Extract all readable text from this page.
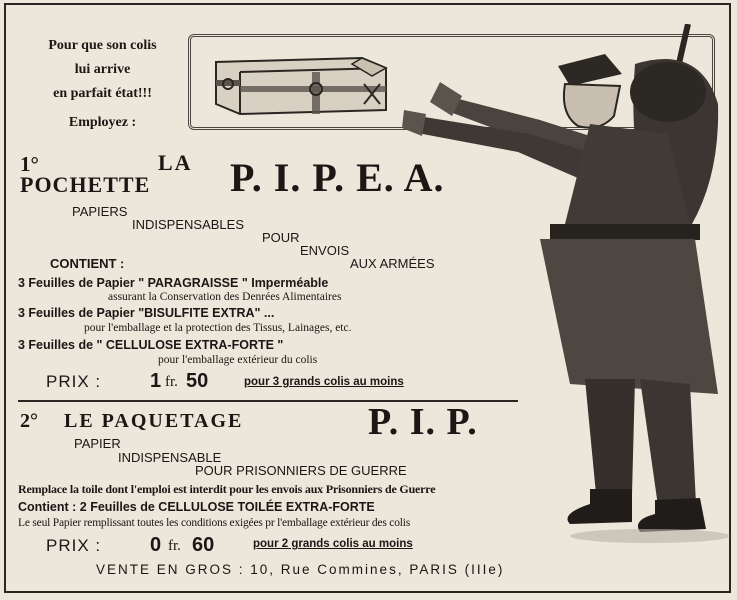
Pour que son colis
lui arrive
en parfait état!!!
Employez :
1°	LA
POCHETTE P. I. P. E. A.
PAPIERS
INDISPENSABLES
POUR
ENVOIS
AUX ARMÉES
CONTIENT :
3 Feuilles de Papier " PARAGRAISSE " Imperméable
assurant la Conservation des Denrées Alimentaires
3 Feuilles de Papier "BISULFITE EXTRA" ...
pour l'emballage et la protection des Tissus, Lainages, etc.
3 Feuilles de " CELLULOSE EXTRA-FORTE "
pour l'emballage extérieur du colis
PRIX : 1 fr. 50	pour 3 grands colis au moins
2° LE PAQUETAGE	P. I. P.
PAPIER
INDISPENSABLE
POUR PRISONNIERS DE GUERRE
Remplace la toile dont l'emploi est interdit pour les envois aux Prisonniers de Guerre
Contient : 2 Feuilles de CELLULOSE TOILÉE EXTRA-FORTE
Le seul Papier remplissant toutes les conditions exigées pr l'emballage extérieur des colis
PRIX : 0 fr. 60	pour 2 grands colis au moins
VENTE EN GROS : 10, Rue Commines, PARIS (IIIe)
